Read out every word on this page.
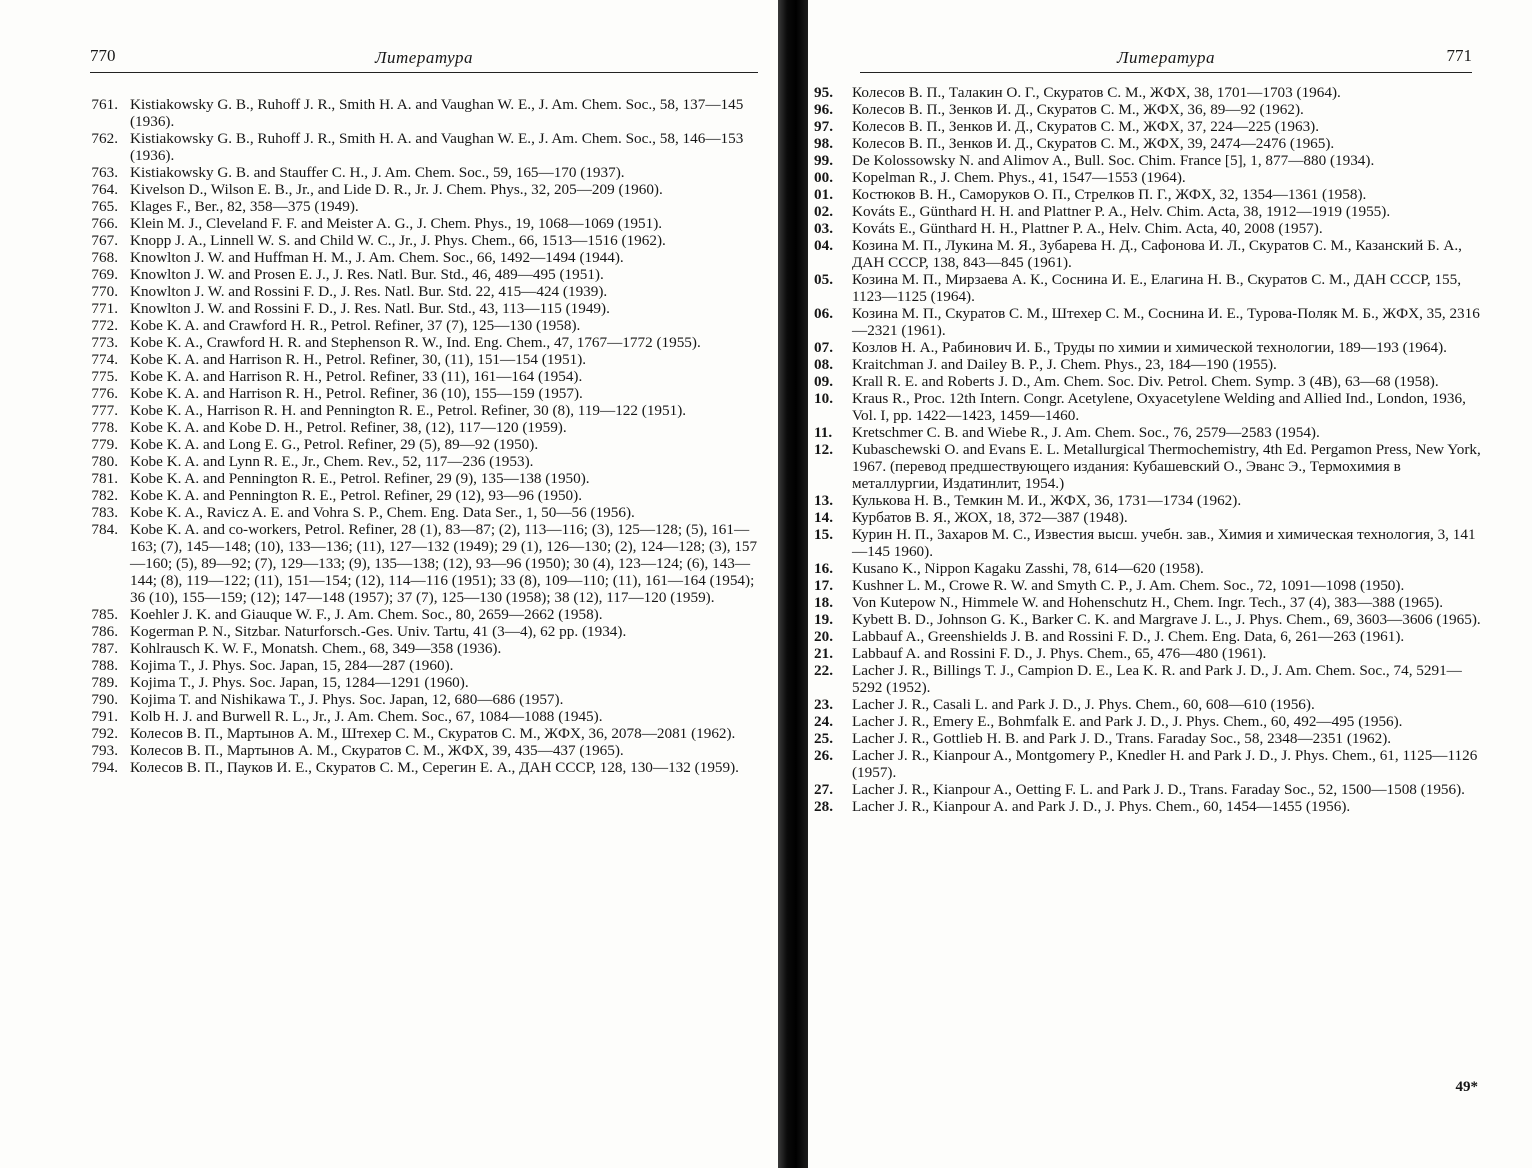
770	Литература
761. Kistiakowsky G. B., Ruhoff J. R., Smith H. A. and Vaughan W. E., J. Am. Chem. Soc., 58, 137—145 (1936).
762. Kistiakowsky G. B., Ruhoff J. R., Smith H. A. and Vaughan W. E., J. Am. Chem. Soc., 58, 146—153 (1936).
763. Kistiakowsky G. B. and Stauffer C. H., J. Am. Chem. Soc., 59, 165—170 (1937).
764. Kivelson D., Wilson E. B., Jr., and Lide D. R., Jr. J. Chem. Phys., 32, 205—209 (1960).
765. Klages F., Ber., 82, 358—375 (1949).
766. Klein M. J., Cleveland F. F. and Meister A. G., J. Chem. Phys., 19, 1068—1069 (1951).
767. Knopp J. A., Linnell W. S. and Child W. C., Jr., J. Phys. Chem., 66, 1513—1516 (1962).
768. Knowlton J. W. and Huffman H. M., J. Am. Chem. Soc., 66, 1492—1494 (1944).
769. Knowlton J. W. and Prosen E. J., J. Res. Natl. Bur. Std., 46, 489—495 (1951).
770. Knowlton J. W. and Rossini F. D., J. Res. Natl. Bur. Std. 22, 415—424 (1939).
771. Knowlton J. W. and Rossini F. D., J. Res. Natl. Bur. Std., 43, 113—115 (1949).
772. Kobe K. A. and Crawford H. R., Petrol. Refiner, 37 (7), 125—130 (1958).
773. Kobe K. A., Crawford H. R. and Stephenson R. W., Ind. Eng. Chem., 47, 1767—1772 (1955).
774. Kobe K. A. and Harrison R. H., Petrol. Refiner, 30, (11), 151—154 (1951).
775. Kobe K. A. and Harrison R. H., Petrol. Refiner, 33 (11), 161—164 (1954).
776. Kobe K. A. and Harrison R. H., Petrol. Refiner, 36 (10), 155—159 (1957).
777. Kobe K. A., Harrison R. H. and Pennington R. E., Petrol. Refiner, 30 (8), 119—122 (1951).
778. Kobe K. A. and Kobe D. H., Petrol. Refiner, 38, (12), 117—120 (1959).
779. Kobe K. A. and Long E. G., Petrol. Refiner, 29 (5), 89—92 (1950).
780. Kobe K. A. and Lynn R. E., Jr., Chem. Rev., 52, 117—236 (1953).
781. Kobe K. A. and Pennington R. E., Petrol. Refiner, 29 (9), 135—138 (1950).
782. Kobe K. A. and Pennington R. E., Petrol. Refiner, 29 (12), 93—96 (1950).
783. Kobe K. A., Ravicz A. E. and Vohra S. P., Chem. Eng. Data Ser., 1, 50—56 (1956).
784. Kobe K. A. and co-workers, Petrol. Refiner, 28 (1), 83—87; (2), 113—116; (3), 125—128; (5), 161—163; (7), 145—148; (10), 133—136; (11), 127—132 (1949); 29 (1), 126—130; (2), 124—128; (3), 157—160; (5), 89—92; (7), 129—133; (9), 135—138; (12), 93—96 (1950); 30 (4), 123—124; (6), 143—144; (8), 119—122; (11), 151—154; (12), 114—116 (1951); 33 (8), 109—110; (11), 161—164 (1954); 36 (10), 155—159; (12); 147—148 (1957); 37 (7), 125—130 (1958); 38 (12), 117—120 (1959).
785. Koehler J. K. and Giauque W. F., J. Am. Chem. Soc., 80, 2659—2662 (1958).
786. Kogerman P. N., Sitzbar. Naturforsch.-Ges. Univ. Tartu, 41 (3—4), 62 pp. (1934).
787. Kohlrausch K. W. F., Monatsh. Chem., 68, 349—358 (1936).
788. Kojima T., J. Phys. Soc. Japan, 15, 284—287 (1960).
789. Kojima T., J. Phys. Soc. Japan, 15, 1284—1291 (1960).
790. Kojima T. and Nishikawa T., J. Phys. Soc. Japan, 12, 680—686 (1957).
791. Kolb H. J. and Burwell R. L., Jr., J. Am. Chem. Soc., 67, 1084—1088 (1945).
792. Колесов В. П., Мартынов А. М., Штехер С. М., Скуратов С. М., ЖФХ, 36, 2078—2081 (1962).
793. Колесов В. П., Мартынов А. М., Скуратов С. М., ЖФХ, 39, 435—437 (1965).
794. Колесов В. П., Пауков И. Е., Скуратов С. М., Серегин Е. А., ДАН СССР, 128, 130—132 (1959).
Литература	771
95.	Колесов В. П., Талакин О. Г., Скуратов С. М., ЖФХ, 38, 1701—1703 (1964).
96.	Колесов В. П., Зенков И. Д., Скуратов С. М., ЖФХ, 36, 89—92 (1962).
97.	Колесов В. П., Зенков И. Д., Скуратов С. М., ЖФХ, 37, 224—225 (1963).
98.	Колесов В. П., Зенков И. Д., Скуратов С. М., ЖФХ, 39, 2474—2476 (1965).
99.	De Kolossowsky N. and Alimov A., Bull. Soc. Chim. France [5], 1, 877—880 (1934).
00.	Kopelman R., J. Chem. Phys., 41, 1547—1553 (1964).
01.	Костюков В. Н., Саморуков О. П., Стрелков П. Г., ЖФХ, 32, 1354—1361 (1958).
02.	Kováts E., Günthard H. H. and Plattner P. A., Helv. Chim. Acta, 38, 1912—1919 (1955).
03.	Kováts E., Günthard H. H., Plattner P. A., Helv. Chim. Acta, 40, 2008 (1957).
04.	Козина М. П., Лукина М. Я., Зубарева Н. Д., Сафонова И. Л., Скуратов С. М., Казанский Б. А., ДАН СССР, 138, 843—845 (1961).
05.	Козина М. П., Мирзаева А. К., Соснина И. Е., Елагина Н. В., Скуратов С. М., ДАН СССР, 155, 1123—1125 (1964).
06.	Козина М. П., Скуратов С. М., Штехер С. М., Соснина И. Е., Турова-Поляк М. Б., ЖФХ, 35, 2316—2321 (1961).
07.	Козлов Н. А., Рабинович И. Б., Труды по химии и химической технологии, 189—193 (1964).
08.	Kraitchman J. and Dailey B. P., J. Chem. Phys., 23, 184—190 (1955).
09.	Krall R. E. and Roberts J. D., Am. Chem. Soc. Div. Petrol. Chem. Symp. 3 (4B), 63—68 (1958).
10.	Kraus R., Proc. 12th Intern. Congr. Acetylene, Oxyacetylene Welding and Allied Ind., London, 1936, Vol. I, pp. 1422—1423, 1459—1460.
11.	Kretschmer C. B. and Wiebe R., J. Am. Chem. Soc., 76, 2579—2583 (1954).
12.	Kubaschewski O. and Evans E. L. Metallurgical Thermochemistry, 4th Ed. Pergamon Press, New York, 1967. (перевод предшествующего издания: Кубашевский О., Эванс Э., Термохимия в металлургии, Издатинлит, 1954.)
13.	Кулькова Н. В., Темкин М. И., ЖФХ, 36, 1731—1734 (1962).
14.	Курбатов В. Я., ЖОХ, 18, 372—387 (1948).
15.	Курин Н. П., Захаров М. С., Известия высш. учебн. зав., Химия и химическая технология, 3, 141—145 1960).
16.	Kusano K., Nippon Kagaku Zasshi, 78, 614—620 (1958).
17.	Kushner L. M., Crowe R. W. and Smyth C. P., J. Am. Chem. Soc., 72, 1091—1098 (1950).
18.	Von Kutepow N., Himmele W. and Hohenschutz H., Chem. Ingr. Tech., 37 (4), 383—388 (1965).
19.	Kybett B. D., Johnson G. K., Barker C. K. and Margrave J. L., J. Phys. Chem., 69, 3603—3606 (1965).
20.	Labbauf A., Greenshields J. B. and Rossini F. D., J. Chem. Eng. Data, 6, 261—263 (1961).
21.	Labbauf A. and Rossini F. D., J. Phys. Chem., 65, 476—480 (1961).
22.	Lacher J. R., Billings T. J., Campion D. E., Lea K. R. and Park J. D., J. Am. Chem. Soc., 74, 5291—5292 (1952).
23.	Lacher J. R., Casali L. and Park J. D., J. Phys. Chem., 60, 608—610 (1956).
24.	Lacher J. R., Emery E., Bohmfalk E. and Park J. D., J. Phys. Chem., 60, 492—495 (1956).
25.	Lacher J. R., Gottlieb H. B. and Park J. D., Trans. Faraday Soc., 58, 2348—2351 (1962).
26.	Lacher J. R., Kianpour A., Montgomery P., Knedler H. and Park J. D., J. Phys. Chem., 61, 1125—1126 (1957).
27.	Lacher J. R., Kianpour A., Oetting F. L. and Park J. D., Trans. Faraday Soc., 52, 1500—1508 (1956).
28.	Lacher J. R., Kianpour A. and Park J. D., J. Phys. Chem., 60, 1454—1455 (1956).
49*
